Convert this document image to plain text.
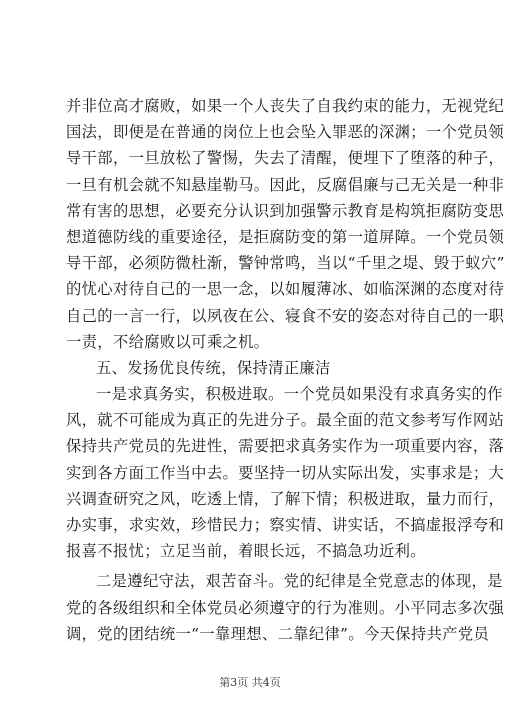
并非位高才腐败，如果一个人丧失了自我约束的能力，无视党纪
国法，即便是在普通的岗位上也会坠入罪恶的深渊；一个党员领
导干部，一旦放松了警惕，失去了清醒，便埋下了堕落的种子，
一旦有机会就不知悬崖勒马。因此，反腐倡廉与己无关是一种非
常有害的思想，必要充分认识到加强警示教育是构筑拒腐防变思
想道德防线的重要途径，是拒腐防变的第一道屏障。一个党员领
导干部，必须防微杜渐，警钟常鸣，当以“千里之堤、毁于蚁穴”
的忧心对待自己的一思一念，以如履薄冰、如临深渊的态度对待
自己的一言一行，以夙夜在公、寝食不安的姿态对待自己的一职
一责，不给腐败以可乘之机。
五、发扬优良传统，保持清正廉洁
一是求真务实，积极进取。一个党员如果没有求真务实的作
风，就不可能成为真正的先进分子。最全面的范文参考写作网站
保持共产党员的先进性，需要把求真务实作为一项重要内容，落
实到各方面工作当中去。要坚持一切从实际出发，实事求是；大
兴调查研究之风，吃透上情，了解下情；积极进取，量力而行，
办实事，求实效，珍惜民力；察实情、讲实话，不搞虚报浮夸和
报喜不报忧；立足当前，着眼长远，不搞急功近利。
二是遵纪守法，艰苦奋斗。党的纪律是全党意志的体现，是
党的各级组织和全体党员必须遵守的行为准则。小平同志多次强
调，党的团结统一“一靠理想、二靠纪律”。今天保持共产党员
第3页 共4页
